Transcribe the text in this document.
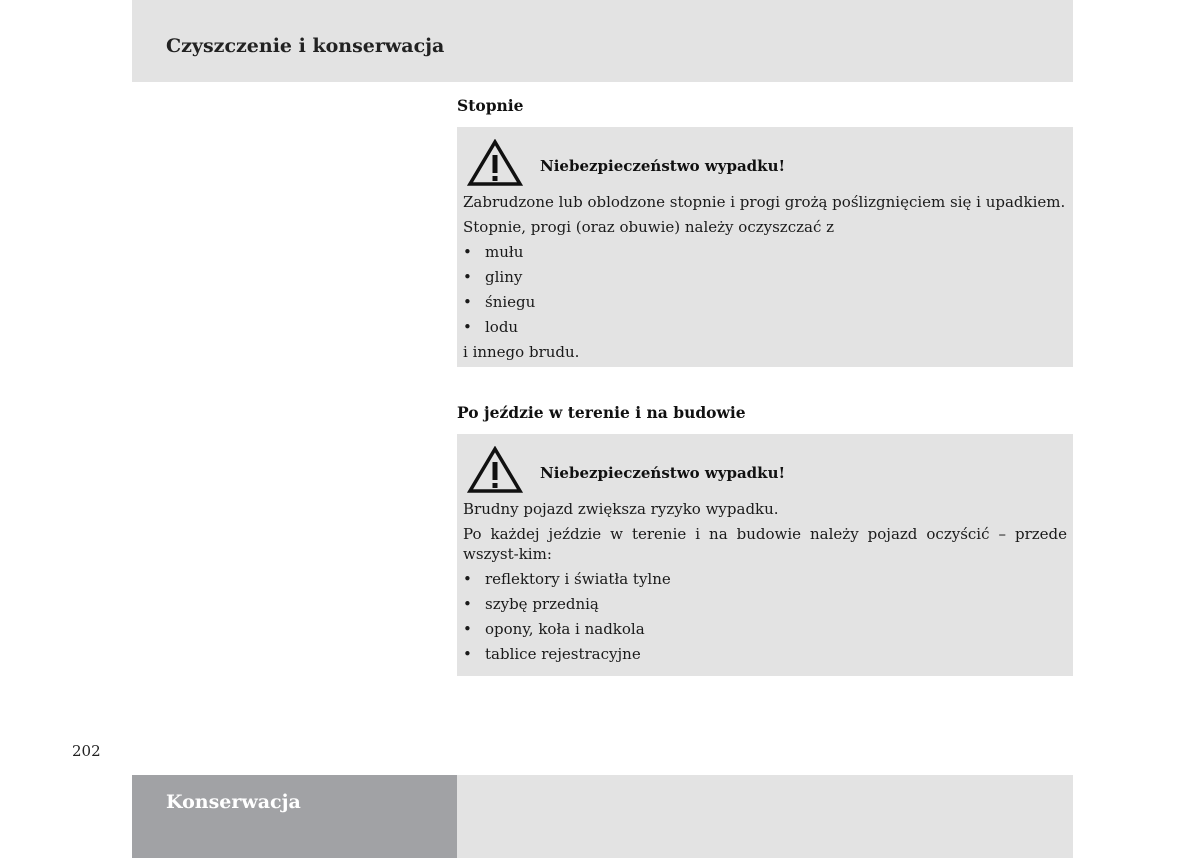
Czyszczenie i konserwacja
Stopnie
Niebezpieczeństwo wypadku!

Zabrudzone lub oblodzone stopnie i progi grożą poślizgnięciem się i upadkiem.

Stopnie, progi (oraz obuwie) należy oczyszczać z

• mułu
• gliny
• śniegu
• lodu

i innego brudu.

Po jeździe w terenie i na budowie
Niebezpieczeństwo wypadku!

Brudny pojazd zwiększa ryzyko wypadku.

Po każdej jeździe w terenie i na budowie należy pojazd oczyścić – przede wszyst-kim:

• reflektory i światła tylne
• szybę przednią
• opony, koła i nadkola
• tablice rejestracyjne
202
Konserwacja
